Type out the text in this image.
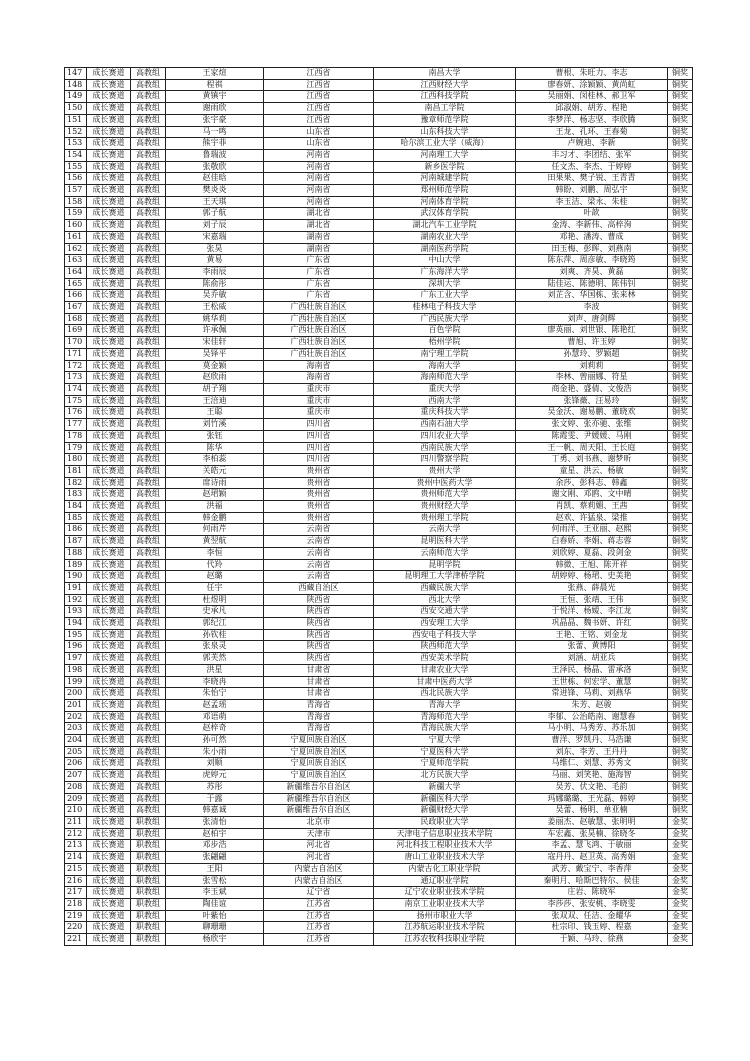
147	成长赛道	高教组	王家煊	江西省	南昌大学	曹根、朱旺力、李志	铜奖
148	成长赛道	高教组	程祺	江西省	江西财经大学	廖春妍、涂颖颖、黄尚虹	铜奖
149	成长赛道	高教组	黄镇宇	江西省	江西科技学院	吴丽娟、闵桂林、郝卫军	铜奖
150	成长赛道	高教组	谢雨欣	江西省	南昌工学院	邱淑娟、胡芳、程艳	铜奖
151	成长赛道	高教组	张宇豪	江西省	豫章师范学院	李梦洋、杨志坚、李欣腾	铜奖
152	成长赛道	高教组	马一鸣	山东省	山东科技大学	王龙、孔环、王春菊	铜奖
153	成长赛道	高教组	熊宇菲	山东省	哈尔滨工业大学（威海）	卢婉迪、李新	铜奖
154	成长赛道	高教组	鲁瑞波	河南省	河南理工大学	丰习才、李团结、张军	铜奖
155	成长赛道	高教组	张敬欣	河南省	新乡医学院	任文杰、李杰、于婷婷	铜奖
156	成长赛道	高教组	赵佳晗	河南省	河南城建学院	田果果、樊子锐、王青青	铜奖
157	成长赛道	高教组	樊炎炎	河南省	郑州师范学院	韩盼、刘鹏、周弘宇	铜奖
158	成长赛道	高教组	王天琪	河南省	河南体育学院	李玉洁、梁永、朱桂	铜奖
159	成长赛道	高教组	郭子航	湖北省	武汉体育学院	叶歆	铜奖
160	成长赛道	高教组	刘子辰	湖北省	湖北汽车工业学院	金涛、李新伟、高梓洵	铜奖
161	成长赛道	高教组	宋嘉瑞	湖南省	湖南农业大学	邓艳、潘涛、曹成	铜奖
162	成长赛道	高教组	张昊	湖南省	湖南医药学院	田玉梅、彭晖、刘燕南	铜奖
163	成长赛道	高教组	黄易	广东省	中山大学	陈东萍、周彦敏、李晓筠	铜奖
164	成长赛道	高教组	李雨辰	广东省	广东海洋大学	刘爽、齐昊、黄磊	铜奖
165	成长赛道	高教组	陈俞彤	广东省	深圳大学	陆佳运、陈德明、陈伟钊	铜奖
166	成长赛道	高教组	吴乔敏	广东省	广东工业大学	刘芷含、华国栋、张来林	铜奖
167	成长赛道	高教组	王松威	广西壮族自治区	桂林电子科技大学	李波	铜奖
168	成长赛道	高教组	姚华莉	广西壮族自治区	广西民族大学	刘声、唐剑辉	铜奖
169	成长赛道	高教组	许承佩	广西壮族自治区	百色学院	廖英丽、刘世银、陈艳红	铜奖
170	成长赛道	高教组	宋佳轩	广西壮族自治区	梧州学院	曹旭、许玉婷	铜奖
171	成长赛道	高教组	吴铎平	广西壮族自治区	南宁理工学院	孙慧玲、罗颖超	铜奖
172	成长赛道	高教组	莫金颖	海南省	海南大学	刘莉莉	铜奖
173	成长赛道	高教组	赵欣雨	海南省	海南师范大学	李林、曾丽娜、符星	铜奖
174	成长赛道	高教组	胡子翔	重庆市	重庆大学	商金艳、盛倩、文俊浩	铜奖
175	成长赛道	高教组	王涪迪	重庆市	西南大学	张锋薇、汪易玲	铜奖
176	成长赛道	高教组	王聪	重庆市	重庆科技大学	吴金沃、谢易鹏、董晓欢	铜奖
177	成长赛道	高教组	刘竹溪	四川省	西南石油大学	张文婷、张亦驰、张维	铜奖
178	成长赛道	高教组	张钰	四川省	四川农业大学	陈霞雯、尹媛媛、马刚	铜奖
179	成长赛道	高教组	陈华	四川省	西南民族大学	王一帆、周天阳、王长庭	铜奖
180	成长赛道	高教组	李柏蕊	四川省	四川警察学院	丁勇、刘书燕、谢梦昕	铜奖
181	成长赛道	高教组	关皓元	贵州省	贵州大学	童星、洪云、杨敏	铜奖
182	成长赛道	高教组	席诗雨	贵州省	贵州中医药大学	余莎、彭科志、韩鑫	铜奖
183	成长赛道	高教组	赵珺颖	贵州省	贵州师范大学	谢文刚、邓鸥、文中晴	铜奖
184	成长赛道	高教组	洪福	贵州省	贵州财经大学	肖凯、蔡莉媚、王茜	铜奖
185	成长赛道	高教组	韩金鹏	贵州省	贵州理工学院	赵欢、许猛泉、梁推	铜奖
186	成长赛道	高教组	何雨芹	云南省	云南大学	何雨洋、王亚丽、赵熙	铜奖
187	成长赛道	高教组	黄翌航	云南省	昆明医科大学	白春娇、李娟、蒋志蓉	铜奖
188	成长赛道	高教组	李恒	云南省	云南师范大学	刘欣婷、夏磊、段剑金	铜奖
189	成长赛道	高教组	代羚	云南省	昆明学院	韩微、王旭、陈开祥	铜奖
190	成长赛道	高教组	赵璐	云南省	昆明理工大学津桥学院	胡婷婷、杨珺、史美艳	铜奖
191	成长赛道	高教组	任宇	西藏自治区	西藏民族大学	张燕、薛晨光	铜奖
192	成长赛道	高教组	杜煜明	陕西省	西北大学	王恒、张靖、王伟	铜奖
193	成长赛道	高教组	史承凡	陕西省	西安交通大学	于悦洋、杨嫒、李江龙	铜奖
194	成长赛道	高教组	郭纪江	陕西省	西安理工大学	巩晶晶、魏书妍、许红	铜奖
195	成长赛道	高教组	孙钦桂	陕西省	西安电子科技大学	王艳、王铭、刘金龙	铜奖
196	成长赛道	高教组	张泉灵	陕西省	陕西师范大学	张蕾、黄博阳	铜奖
197	成长赛道	高教组	郭芙然	陕西省	西安美术学院	刘涵、胡亚兵	铜奖
198	成长赛道	高教组	洪星	甘肃省	甘肃农业大学	王泽民、杨晶、雷承洛	铜奖
199	成长赛道	高教组	李晓冉	甘肃省	甘肃中医药大学	王世栋、何宏学、董慧	铜奖
200	成长赛道	高教组	朱怡宁	甘肃省	西北民族大学	常进锋、马莉、刘燕华	铜奖
201	成长赛道	高教组	赵孟瑶	青海省	青海大学	朱芳、赵骏	铜奖
202	成长赛道	高教组	邓语萌	青海省	青海师范大学	李郁、公治皓南、谢慧春	铜奖
203	成长赛道	高教组	赵梓奇	青海省	青海民族大学	马小明、马秀芳、苏乐加	铜奖
204	成长赛道	高教组	孙可然	宁夏回族自治区	宁夏大学	曹洋、罗凯丹、马浩谦	铜奖
205	成长赛道	高教组	朱小雨	宁夏回族自治区	宁夏医科大学	刘东、李芳、王丹丹	铜奖
206	成长赛道	高教组	刘顺	宁夏回族自治区	宁夏师范学院	马维仁、刘慧、苏秀文	铜奖
207	成长赛道	高教组	虎婷元	宁夏回族自治区	北方民族大学	马丽、刘笑艳、施海智	铜奖
208	成长赛道	高教组	苏彤	新疆维吾尔自治区	新疆大学	吴芳、伏文艳、毛韵	铜奖
209	成长赛道	高教组	于露	新疆维吾尔自治区	新疆医科大学	玛娜璐璐、王光磊、韩婷	铜奖
210	成长赛道	高教组	韩嘉诚	新疆维吾尔自治区	新疆财经大学	吴蕾、杨明、单亚楠	铜奖
211	成长赛道	职教组	张清怡	北京市	民政职业大学	姜丽杰、赵敏慧、张明明	金奖
212	成长赛道	职教组	赵柏宇	天津市	天津电子信息职业技术学院	车宏鑫、张昊楠、徐晓冬	金奖
213	成长赛道	职教组	邓步浩	河北省	河北科技工程职业技术大学	李孟、慧飞鸿、于敏丽	金奖
214	成长赛道	职教组	张翩翩	河北省	唐山工业职业技术大学	寇丹丹、赵卫英、高秀娟	金奖
215	成长赛道	职教组	王阳	内蒙古自治区	内蒙古化工职业学院	武芳、戴宝宁、李香萍	金奖
216	成长赛道	职教组	张雪松	内蒙古自治区	通辽职业学院	秦明月、哈斯巴特尔、侯佳	金奖
217	成长赛道	职教组	李玉斌	辽宁省	辽宁农业职业技术学院	庄岩、陈晓军	金奖
218	成长赛道	职教组	陶佳谊	江苏省	南京工业职业技术大学	李莎莎、张安桃、李晓雯	金奖
219	成长赛道	职教组	叶紫怡	江苏省	扬州市职业大学	张双双、任洁、金耀华	金奖
220	成长赛道	职教组	聊珊珊	江苏省	江苏航运职业技术学院	杜宗印、钱玉婷、程嘉	金奖
221	成长赛道	职教组	杨欣宇	江苏省	江苏农牧科技职业学院	于颖、马玲、徐燕	金奖
